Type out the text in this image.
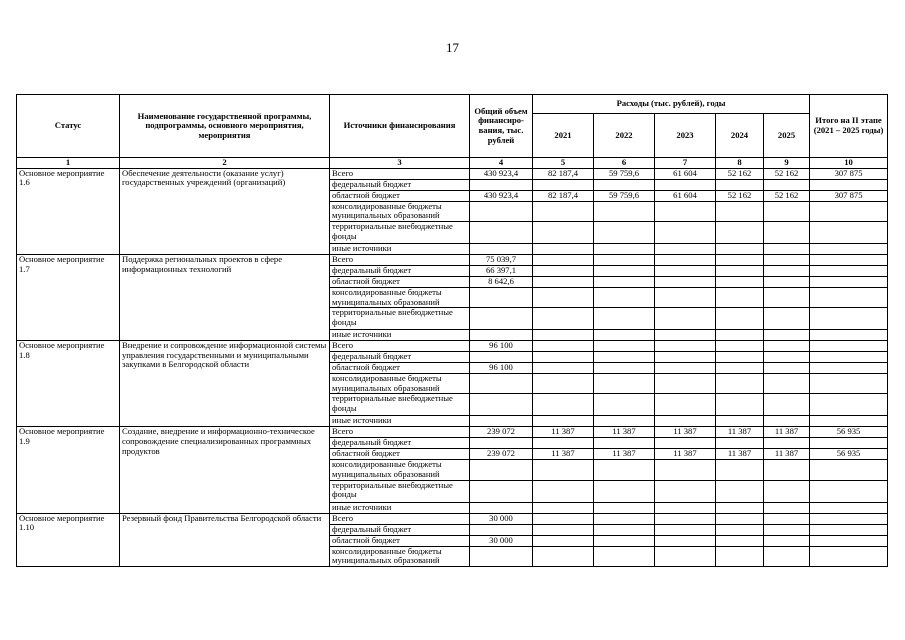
17
Статус	Наименование государственной программы, подпрограммы, основного мероприятия, мероприятия	Источники финансирования	Общий объем финансиро-вания, тыс. рублей	Расходы (тыс. рублей), годы					Итого на II этапе (2021 – 2025 годы)
				2021	2022	2023	2024	2025	
1	2	3	4	5	6	7	8	9	10
Основное мероприятие 1.6	Обеспечение деятельности (оказание услуг) государственных учреждений (организаций)	Всего	430 923,4	82 187,4	59 759,6	61 604	52 162	52 162	307 875
		федеральный бюджет							
		областной бюджет	430 923,4	82 187,4	59 759,6	61 604	52 162	52 162	307 875
		консолидированные бюджеты муниципальных образований							
		территориальные внебюджетные фонды							
		иные источники							
Основное мероприятие 1.7	Поддержка региональных проектов в сфере информационных технологий	Всего	75 039,7						
		федеральный бюджет	66 397,1						
		областной бюджет	8 642,6						
		консолидированные бюджеты муниципальных образований							
		территориальные внебюджетные фонды							
		иные источники							
Основное мероприятие 1.8	Внедрение и сопровождение информационной системы управления государственными и муниципальными закупками в Белгородской области	Всего	96 100						
		федеральный бюджет							
		областной бюджет	96 100						
		консолидированные бюджеты муниципальных образований							
		территориальные внебюджетные фонды							
		иные источники							
Основное мероприятие 1.9	Создание, внедрение и информационно-техническое сопровождение специализированных программных продуктов	Всего	239 072	11 387	11 387	11 387	11 387	11 387	56 935
		федеральный бюджет							
		областной бюджет	239 072	11 387	11 387	11 387	11 387	11 387	56 935
		консолидированные бюджеты муниципальных образований							
		территориальные внебюджетные фонды							
		иные источники							
Основное мероприятие 1.10	Резервный фонд Правительства Белгородской области	Всего	30 000						
		федеральный бюджет							
		областной бюджет	30 000						
		консолидированные бюджеты муниципальных образований							
